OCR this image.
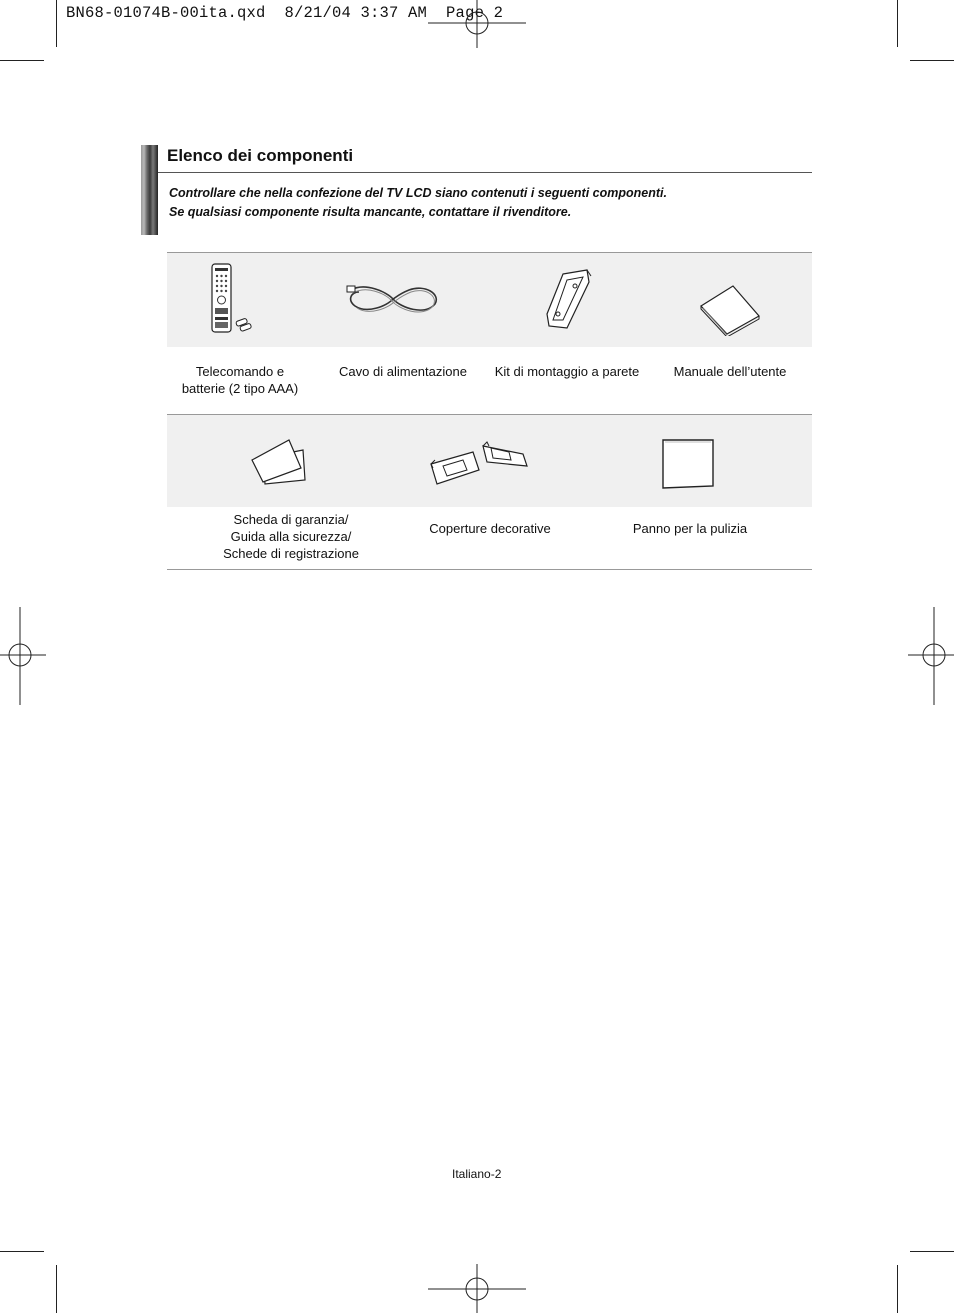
BN68-01074B-00ita.qxd  8/21/04 3:37 AM  Page 2
Elenco dei componenti
Controllare che nella confezione del TV LCD siano contenuti i seguenti componenti.
Se qualsiasi componente risulta mancante, contattare il rivenditore.
Telecomando e
batterie (2 tipo AAA)
Cavo di alimentazione	Kit di montaggio a parete	Manuale dell’utente
Scheda di garanzia/
Guida alla sicurezza/
Schede di registrazione
Coperture decorative	Panno per la pulizia
Italiano-2
